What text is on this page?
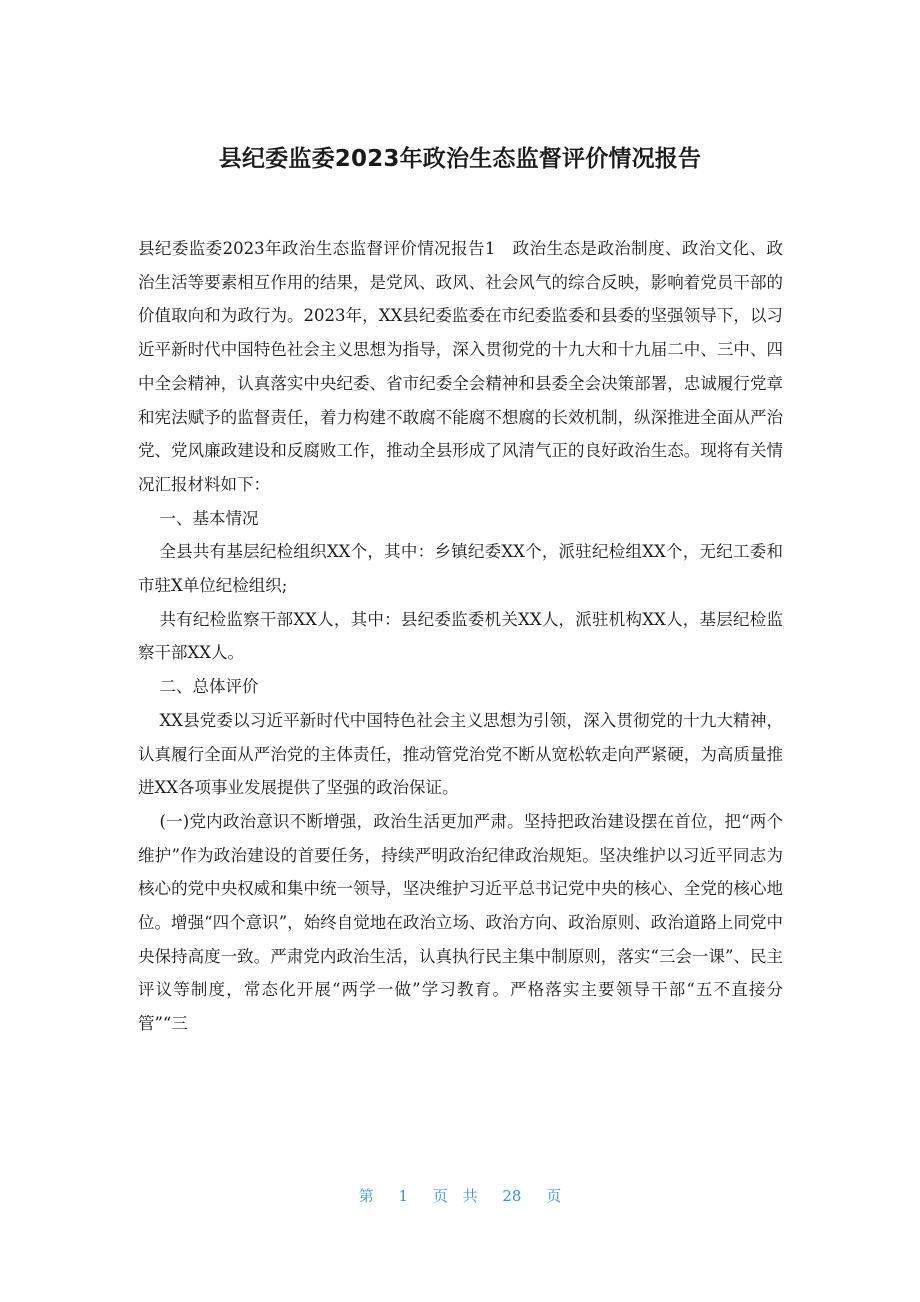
县纪委监委2023年政治生态监督评价情况报告

县纪委监委2023年政治生态监督评价情况报告1　政治生态是政治制度、政治文化、政治生活等要素相互作用的结果，是党风、政风、社会风气的综合反映，影响着党员干部的价值取向和为政行为。2023年，XX县纪委监委在市纪委监委和县委的坚强领导下，以习近平新时代中国特色社会主义思想为指导，深入贯彻党的十九大和十九届二中、三中、四中全会精神，认真落实中央纪委、省市纪委全会精神和县委全会决策部署，忠诚履行党章和宪法赋予的监督责任，着力构建不敢腐不能腐不想腐的长效机制，纵深推进全面从严治党、党风廉政建设和反腐败工作，推动全县形成了风清气正的良好政治生态。现将有关情况汇报材料如下：

一、基本情况

全县共有基层纪检组织XX个，其中：乡镇纪委XX个，派驻纪检组XX个，无纪工委和市驻X单位纪检组织;

共有纪检监察干部XX人，其中：县纪委监委机关XX人，派驻机构XX人，基层纪检监察干部XX人。

二、总体评价

XX县党委以习近平新时代中国特色社会主义思想为引领，深入贯彻党的十九大精神，认真履行全面从严治党的主体责任，推动管党治党不断从宽松软走向严紧硬，为高质量推进XX各项事业发展提供了坚强的政治保证。

(一)党内政治意识不断增强，政治生活更加严肃。坚持把政治建设摆在首位，把“两个维护”作为政治建设的首要任务，持续严明政治纪律政治规矩。坚决维护以习近平同志为核心的党中央权威和集中统一领导，坚决维护习近平总书记党中央的核心、全党的核心地位。增强“四个意识”，始终自觉地在政治立场、政治方向、政治原则、政治道路上同党中央保持高度一致。严肃党内政治生活，认真执行民主集中制原则，落实“三会一课”、民主评议等制度，常态化开展“两学一做”学习教育。严格落实主要领导干部“五不直接分管”“三

第 1 页 共 28 页
